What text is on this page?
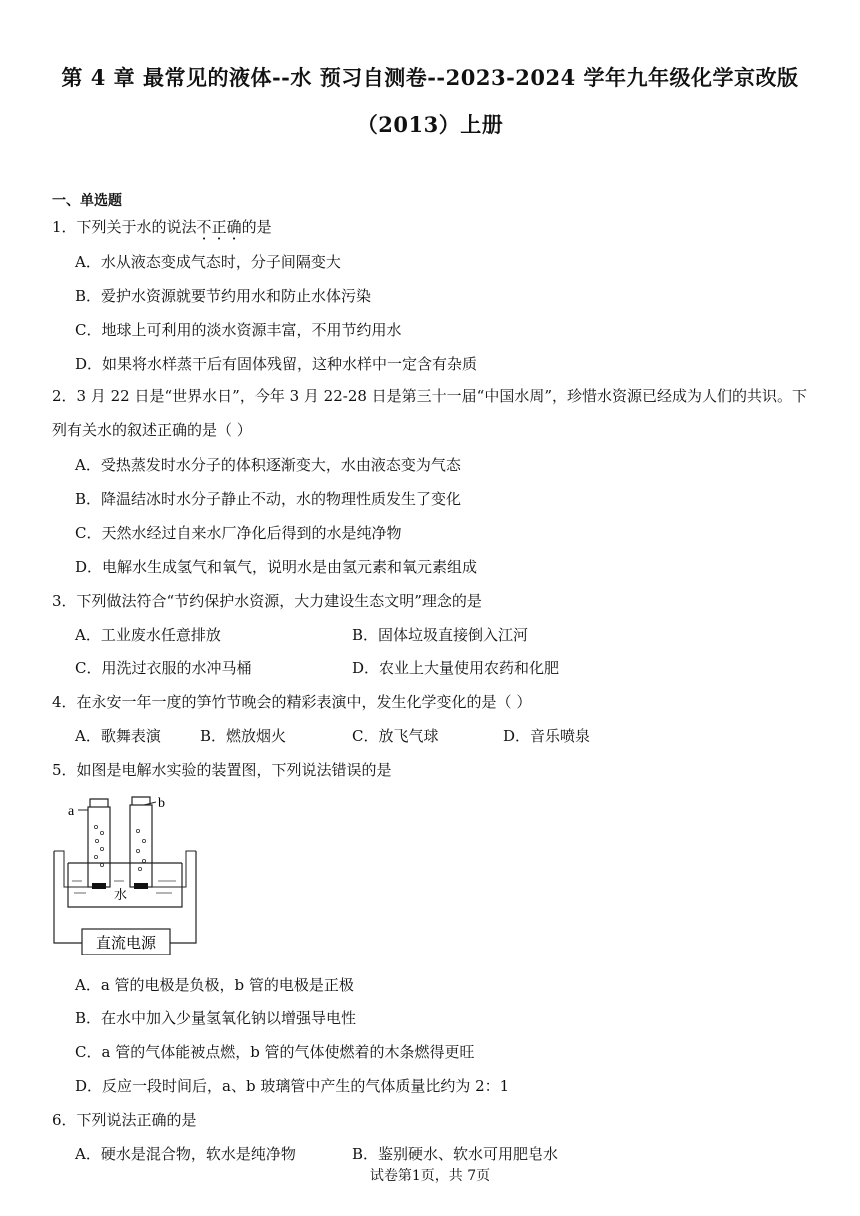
第 4 章 最常见的液体--水 预习自测卷--2023-2024 学年九年级化学京改版
（2013）上册
一、单选题
1．下列关于水的说法不正确的是
A．水从液态变成气态时，分子间隔变大
B．爱护水资源就要节约用水和防止水体污染
C．地球上可利用的淡水资源丰富，不用节约用水
D．如果将水样蒸干后有固体残留，这种水样中一定含有杂质
2．3 月 22 日是“世界水日”，今年 3 月 22-28 日是第三十一届“中国水周”，珍惜水资源已经成为人们的共识。下列有关水的叙述正确的是（ ）
A．受热蒸发时水分子的体积逐渐变大，水由液态变为气态
B．降温结冰时水分子静止不动，水的物理性质发生了变化
C．天然水经过自来水厂净化后得到的水是纯净物
D．电解水生成氢气和氧气，说明水是由氢元素和氧元素组成
3．下列做法符合“节约保护水资源，大力建设生态文明”理念的是
A．工业废水任意排放	B．固体垃圾直接倒入江河
C．用洗过衣服的水冲马桶	D．农业上大量使用农药和化肥
4．在永安一年一度的笋竹节晚会的精彩表演中，发生化学变化的是（ ）
A．歌舞表演	B．燃放烟火	C．放飞气球	D．音乐喷泉
5．如图是电解水实验的装置图，下列说法错误的是
a
b
水
直流电源
A．a 管的电极是负极，b 管的电极是正极
B．在水中加入少量氢氧化钠以增强导电性
C．a 管的气体能被点燃，b 管的气体使燃着的木条燃得更旺
D．反应一段时间后，a、b 玻璃管中产生的气体质量比约为 2：1
6．下列说法正确的是
A．硬水是混合物，软水是纯净物	B．鉴别硬水、软水可用肥皂水
试卷第1页，共 7页
